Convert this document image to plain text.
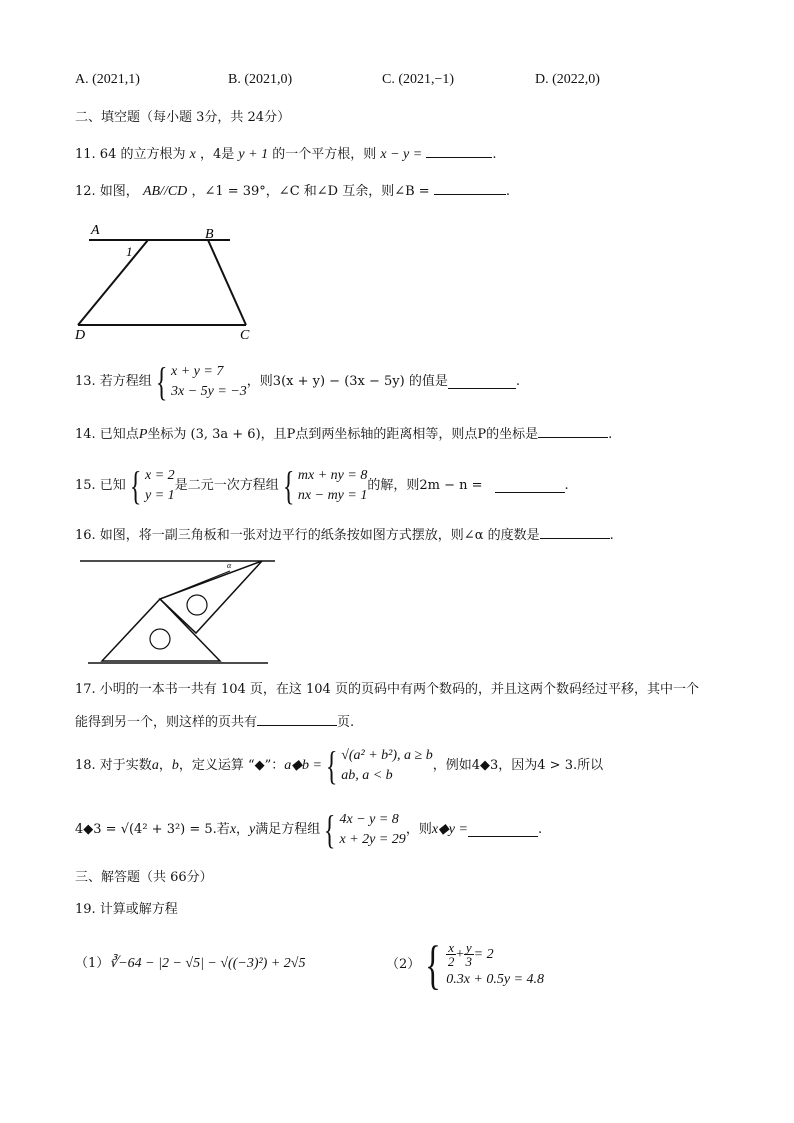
A. (2021,1)	B. (2021,0)	C. (2021,−1)	D. (2022,0)
二、填空题（每小题 3分，共 24分）
11. 64 的立方根为 x ，4是 y + 1 的一个平方根，则 x − y =	.
12. 如图， AB//CD ，∠1 = 39°，∠C 和∠D 互余，则∠B =	.
A	B
C
D
1
13. 若方程组{ x + y = 7
3x − 5y = −3
，则3(x + y) − (3x − 5y) 的值是	.
14. 已知点P坐标为 (3, 3a + 6)，且P点到两坐标轴的距离相等，则点P的坐标是	.
15. 已知{ x = 2
y = 1
是二元一次方程组{ mx + ny = 8
nx − my = 1
的解，则2m − n =	.
16. 如图，将一副三角板和一张对边平行的纸条按如图方式摆放，则∠α 的度数是	.
α
17. 小明的一本书一共有 104 页，在这 104 页的页码中有两个数码的，并且这两个数码经过平移，其中一个
能得到另一个，则这样的页共有	页.
18. 对于实数a，b，定义运算 “◆”：a◆b ={ √(a² + b²), a ≥ b
ab, a < b
，例如4◆3，因为4 > 3.所以
4◆3 = √(4² + 3²) = 5.若x，y满足方程组{ 4x − y = 8
x + 2y = 29
，则x◆y =	.
三、解答题（共 66分）
19. 计算或解方程
（1）∛−64 − |2 − √5| − √((−3)²) + 2√5	$(2)\{ \frac{x}{2} + \frac{y}{3} = 2$
0.3x + 0.5y = 4.8
